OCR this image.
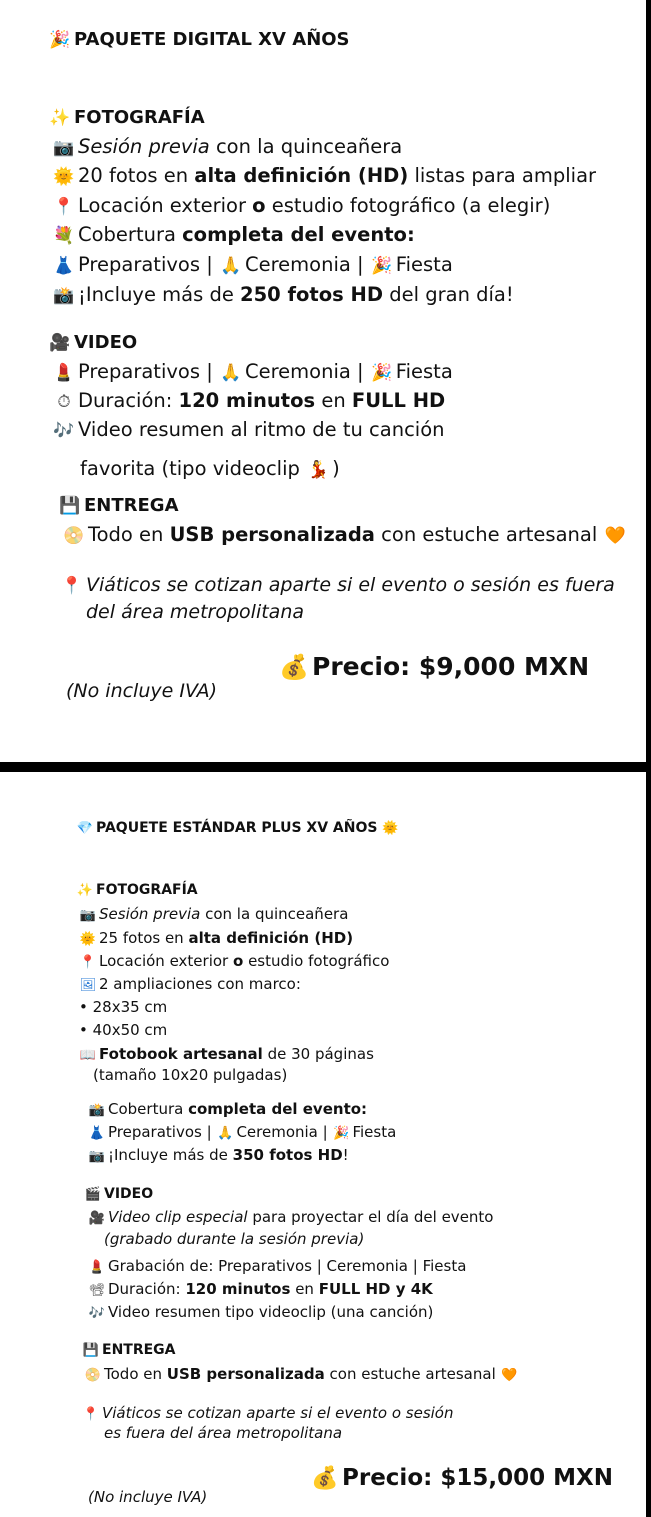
🎉 PAQUETE DIGITAL XV AÑOS
✨ FOTOGRAFÍA
📷 Sesión previa con la quinceañera
🌞 20 fotos en alta definición (HD) listas para ampliar
📍 Locación exterior o estudio fotográfico (a elegir)
💐 Cobertura completa del evento:
👗 Preparativos | 🙏 Ceremonia | 🎉 Fiesta
📸 ¡Incluye más de 250 fotos HD del gran día!
🎥 VIDEO
💄 Preparativos | 🙏 Ceremonia | 🎉 Fiesta
⏱ Duración: 120 minutos en FULL HD
🎶 Video resumen al ritmo de tu canción
favorita (tipo videoclip 💃 )
💾 ENTREGA
📀 Todo en USB personalizada con estuche artesanal 🧡
📍 Viáticos se cotizan aparte si el evento o sesión es fuera
del área metropolitana
💰 Precio: $9,000 MXN
(No incluye IVA)
💎 PAQUETE ESTÁNDAR PLUS XV AÑOS 🌞
✨ FOTOGRAFÍA
📷 Sesión previa con la quinceañera
🌞 25 fotos en alta definición (HD)
📍 Locación exterior o estudio fotográfico
🖼 2 ampliaciones con marco:
• 28x35 cm
• 40x50 cm
📖 Fotobook artesanal de 30 páginas
(tamaño 10x20 pulgadas)
📸 Cobertura completa del evento:
👗 Preparativos | 🙏 Ceremonia | 🎉 Fiesta
📷 ¡Incluye más de 350 fotos HD!
🎬 VIDEO
🎥 Video clip especial para proyectar el día del evento
(grabado durante la sesión previa)
💄 Grabación de: Preparativos | Ceremonia | Fiesta
📽 Duración: 120 minutos en FULL HD y 4K
🎶 Video resumen tipo videoclip (una canción)
💾 ENTREGA
📀 Todo en USB personalizada con estuche artesanal 🧡
📍 Viáticos se cotizan aparte si el evento o sesión
es fuera del área metropolitana
💰 Precio: $15,000 MXN
(No incluye IVA)
